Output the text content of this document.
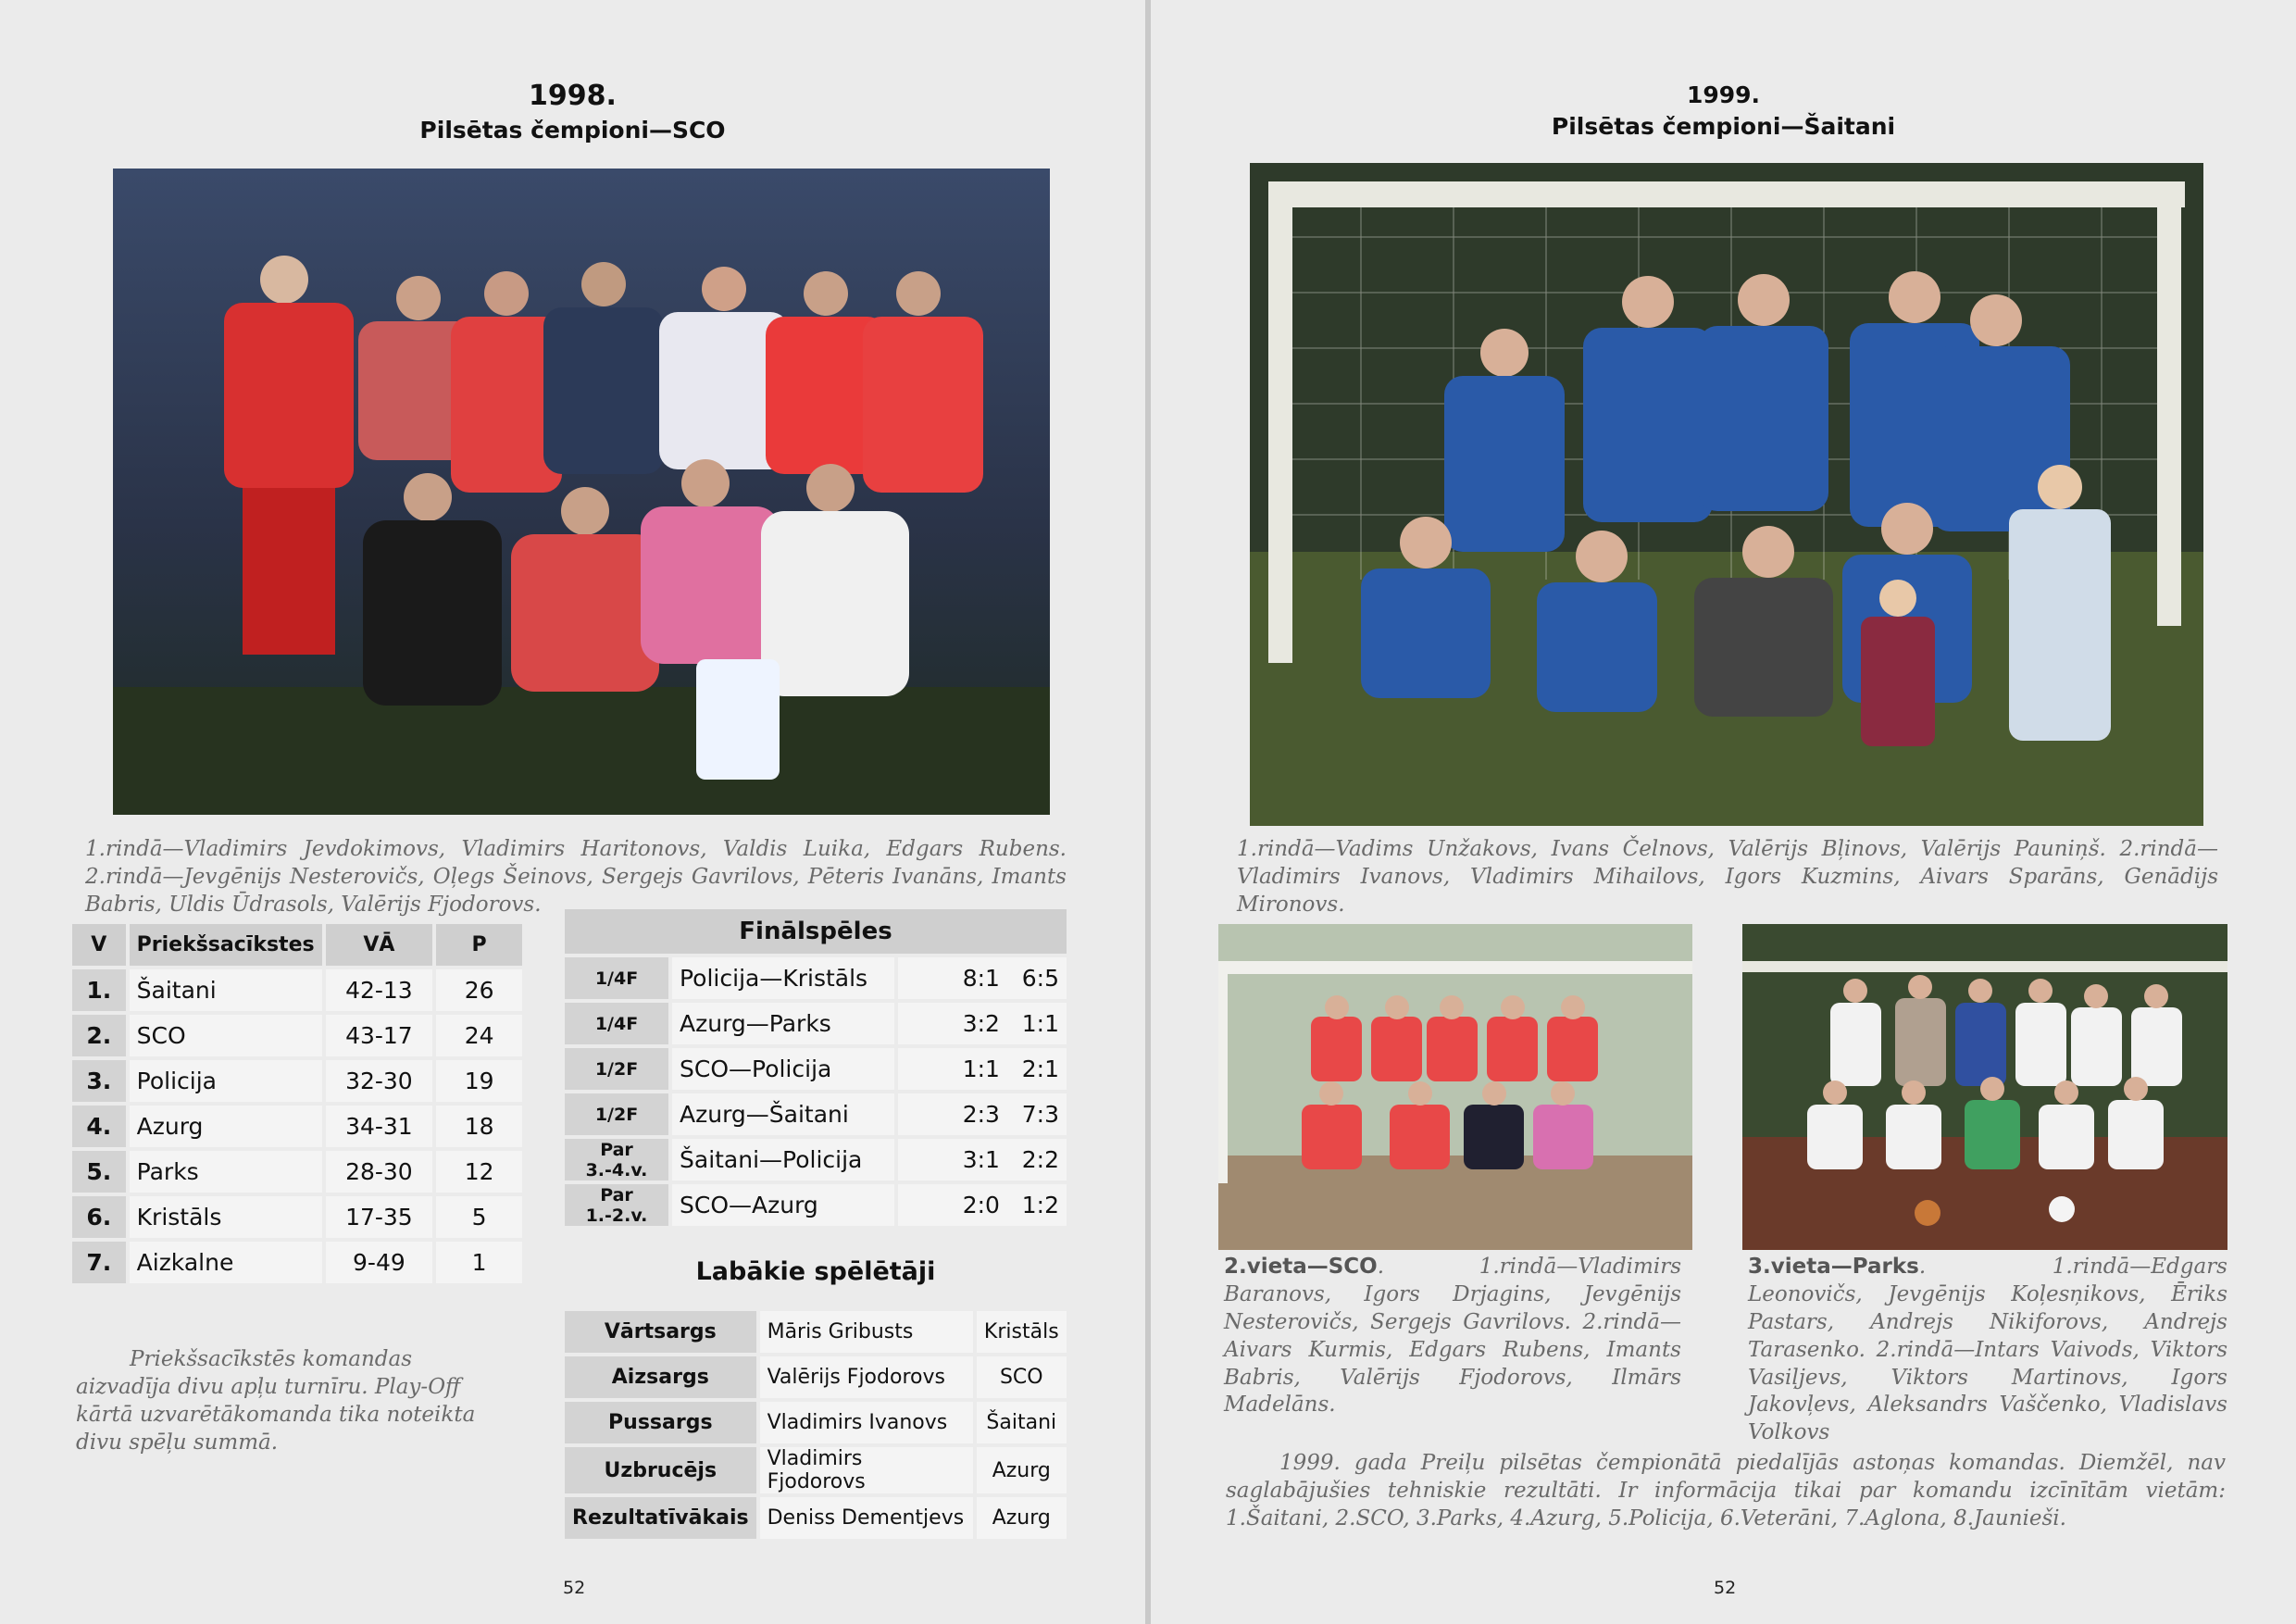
1998.
Pilsētas čempioni—SCO
1.rindā—Vladimirs Jevdokimovs, Vladimirs Haritonovs, Valdis Luika, Edgars Rubens. 2.rindā—Jevgēnijs Nesterovičs, Oļegs Šeinovs, Sergejs Gavrilovs, Pēteris Ivanāns, Imants Babris, Uldis Ūdrasols, Valērijs Fjodorovs.
V	Priekšsacīkstes	VĀ	P
1.	Šaitani	42-13	26
2.	SCO	43-17	24
3.	Policija	32-30	19
4.	Azurg	34-31	18
5.	Parks	28-30	12
6.	Kristāls	17-35	5
7.	Aizkalne	9-49	1
Finālspēles		
1/4F	Policija—Kristāls	8:1 6:5
1/4F	Azurg—Parks	3:2 1:1
1/2F	SCO—Policija	1:1 2:1
1/2F	Azurg—Šaitani	2:3 7:3
Par 3.-4.v.	Šaitani—Policija	3:1 2:2
Par 1.-2.v.	SCO—Azurg	2:0 1:2
Labākie spēlētāji
Vārtsargs	Māris Gribusts	Kristāls
Aizsargs	Valērijs Fjodorovs	SCO
Pussargs	Vladimirs Ivanovs	Šaitani
Uzbrucējs	Vladimirs Fjodorovs	Azurg
Rezultatīvākais	Deniss Dementjevs	Azurg
Priekšsacīkstēs komandas aizvadīja divu apļu turnīru. Play-Off kārtā uzvarētākomanda tika noteikta divu spēļu summā.
52
1999.
Pilsētas čempioni—Šaitani
1.rindā—Vadims Unžakovs, Ivans Čelnovs, Valērijs Bļinovs, Valērijs Pauniņš. 2.rindā—Vladimirs Ivanovs, Vladimirs Mihailovs, Igors Kuzmins, Aivars Sparāns, Genādijs Mironovs.
2.vieta—SCO. 1.rindā—Vladimirs Baranovs, Igors Drjagins, Jevgēnijs Nesterovičs, Sergejs Gavrilovs. 2.rindā—Aivars Kurmis, Edgars Rubens, Imants Babris, Valērijs Fjodorovs, Ilmārs Madelāns.
3.vieta—Parks. 1.rindā—Edgars Leonovičs, Jevgēnijs Koļesņikovs, Ēriks Pastars, Andrejs Nikiforovs, Andrejs Tarasenko. 2.rindā—Intars Vaivods, Viktors Vasiļjevs, Viktors Martinovs, Igors Jakovļevs, Aleksandrs Vaščenko, Vladislavs Volkovs
1999. gada Preiļu pilsētas čempionātā piedalījās astoņas komandas. Diemžēl, nav saglabājušies tehniskie rezultāti. Ir informācija tikai par komandu izcīnītām vietām: 1.Šaitani, 2.SCO, 3.Parks, 4.Azurg, 5.Policija, 6.Veterāni, 7.Aglona, 8.Jaunieši.
52
